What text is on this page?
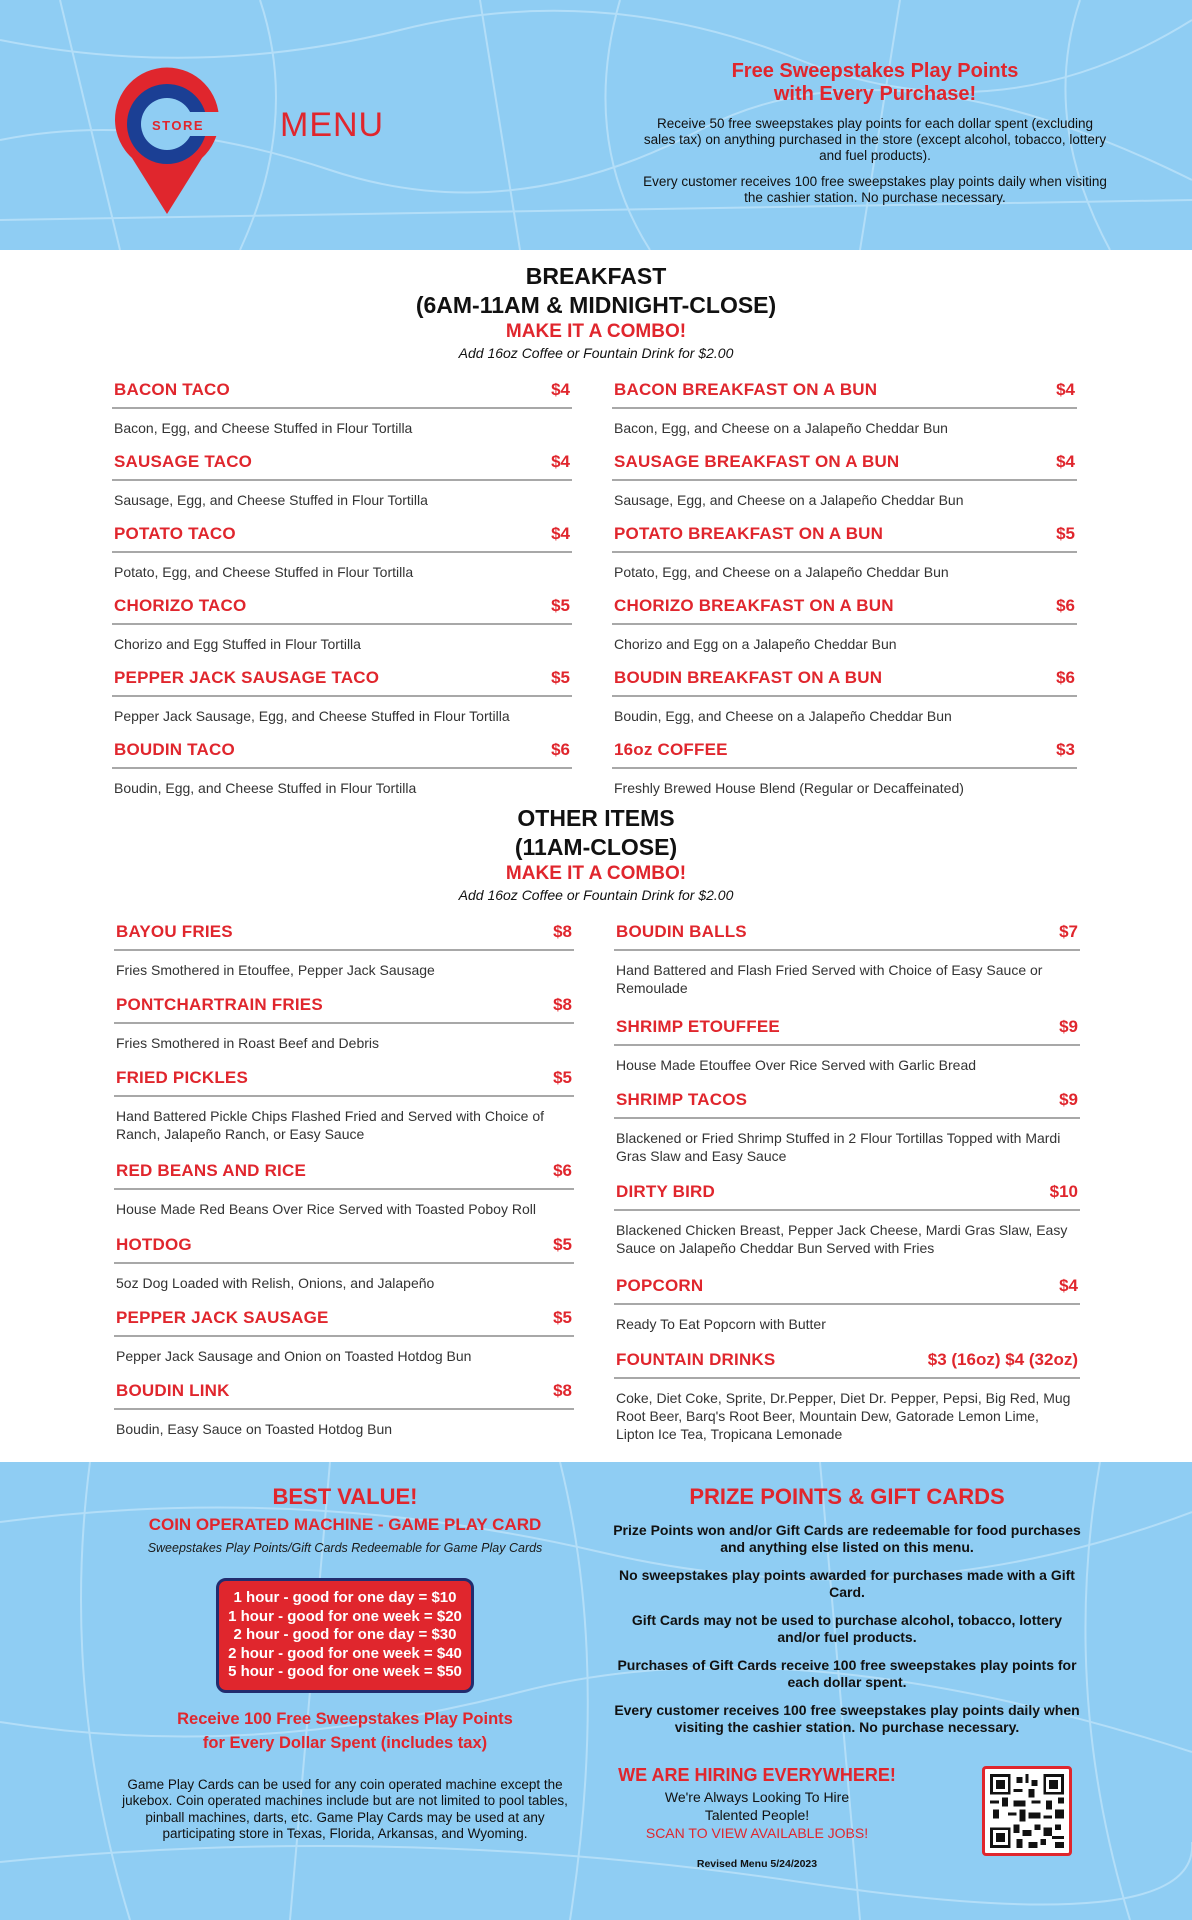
STORE MENU
Free Sweepstakes Play Points
with Every Purchase!
Receive 50 free sweepstakes play points for each dollar spent (excluding sales tax) on anything purchased in the store (except alcohol, tobacco, lottery and fuel products).
Every customer receives 100 free sweepstakes play points daily when visiting the cashier station. No purchase necessary.
BREAKFAST
(6AM-11AM & MIDNIGHT-CLOSE)
MAKE IT A COMBO!
Add 16oz Coffee or Fountain Drink for $2.00
BACON TACO	$4
Bacon, Egg, and Cheese Stuffed in Flour Tortilla
SAUSAGE TACO	$4
Sausage, Egg, and Cheese Stuffed in Flour Tortilla
POTATO TACO	$4
Potato, Egg, and Cheese Stuffed in Flour Tortilla
CHORIZO TACO	$5
Chorizo and Egg Stuffed in Flour Tortilla
PEPPER JACK SAUSAGE TACO	$5
Pepper Jack Sausage, Egg, and Cheese Stuffed in Flour Tortilla
BOUDIN TACO	$6
Boudin, Egg, and Cheese Stuffed in Flour Tortilla
BACON BREAKFAST ON A BUN	$4
Bacon, Egg, and Cheese on a Jalapeño Cheddar Bun
SAUSAGE BREAKFAST ON A BUN	$4
Sausage, Egg, and Cheese on a Jalapeño Cheddar Bun
POTATO BREAKFAST ON A BUN	$5
Potato, Egg, and Cheese on a Jalapeño Cheddar Bun
CHORIZO BREAKFAST ON A BUN	$6
Chorizo and Egg on a Jalapeño Cheddar Bun
BOUDIN BREAKFAST ON A BUN	$6
Boudin, Egg, and Cheese on a Jalapeño Cheddar Bun
16oz COFFEE	$3
Freshly Brewed House Blend (Regular or Decaffeinated)
OTHER ITEMS
(11AM-CLOSE)
MAKE IT A COMBO!
Add 16oz Coffee or Fountain Drink for $2.00
BAYOU FRIES	$8
Fries Smothered in Etouffee, Pepper Jack Sausage
PONTCHARTRAIN FRIES	$8
Fries Smothered in Roast Beef and Debris
FRIED PICKLES	$5
Hand Battered Pickle Chips Flashed Fried and Served with Choice of Ranch, Jalapeño Ranch, or Easy Sauce
RED BEANS AND RICE	$6
House Made Red Beans Over Rice Served with Toasted Poboy Roll
HOTDOG	$5
5oz Dog Loaded with Relish, Onions, and Jalapeño
PEPPER JACK SAUSAGE	$5
Pepper Jack Sausage and Onion on Toasted Hotdog Bun
BOUDIN LINK	$8
Boudin, Easy Sauce on Toasted Hotdog Bun
BOUDIN BALLS	$7
Hand Battered and Flash Fried Served with Choice of Easy Sauce or Remoulade
SHRIMP ETOUFFEE	$9
House Made Etouffee Over Rice Served with Garlic Bread
SHRIMP TACOS	$9
Blackened or Fried Shrimp Stuffed in 2 Flour Tortillas Topped with Mardi Gras Slaw and Easy Sauce
DIRTY BIRD	$10
Blackened Chicken Breast, Pepper Jack Cheese, Mardi Gras Slaw, Easy Sauce on Jalapeño Cheddar Bun Served with Fries
POPCORN	$4
Ready To Eat Popcorn with Butter
FOUNTAIN DRINKS	$3 (16oz) $4 (32oz)
Coke, Diet Coke, Sprite, Dr.Pepper, Diet Dr. Pepper, Pepsi, Big Red, Mug Root Beer, Barq's Root Beer, Mountain Dew, Gatorade Lemon Lime, Lipton Ice Tea, Tropicana Lemonade
BEST VALUE!
COIN OPERATED MACHINE - GAME PLAY CARD
Sweepstakes Play Points/Gift Cards Redeemable for Game Play Cards
1 hour - good for one day = $10
1 hour - good for one week = $20
2 hour - good for one day = $30
2 hour - good for one week = $40
5 hour - good for one week = $50
Receive 100 Free Sweepstakes Play Points
for Every Dollar Spent (includes tax)
Game Play Cards can be used for any coin operated machine except the jukebox. Coin operated machines include but are not limited to pool tables, pinball machines, darts, etc. Game Play Cards may be used at any participating store in Texas, Florida, Arkansas, and Wyoming.
PRIZE POINTS & GIFT CARDS
Prize Points won and/or Gift Cards are redeemable for food purchases and anything else listed on this menu.
No sweepstakes play points awarded for purchases made with a Gift Card.
Gift Cards may not be used to purchase alcohol, tobacco, lottery and/or fuel products.
Purchases of Gift Cards receive 100 free sweepstakes play points for each dollar spent.
Every customer receives 100 free sweepstakes play points daily when visiting the cashier station. No purchase necessary.
WE ARE HIRING EVERYWHERE!
We're Always Looking To Hire
Talented People!
SCAN TO VIEW AVAILABLE JOBS!
Revised Menu 5/24/2023
